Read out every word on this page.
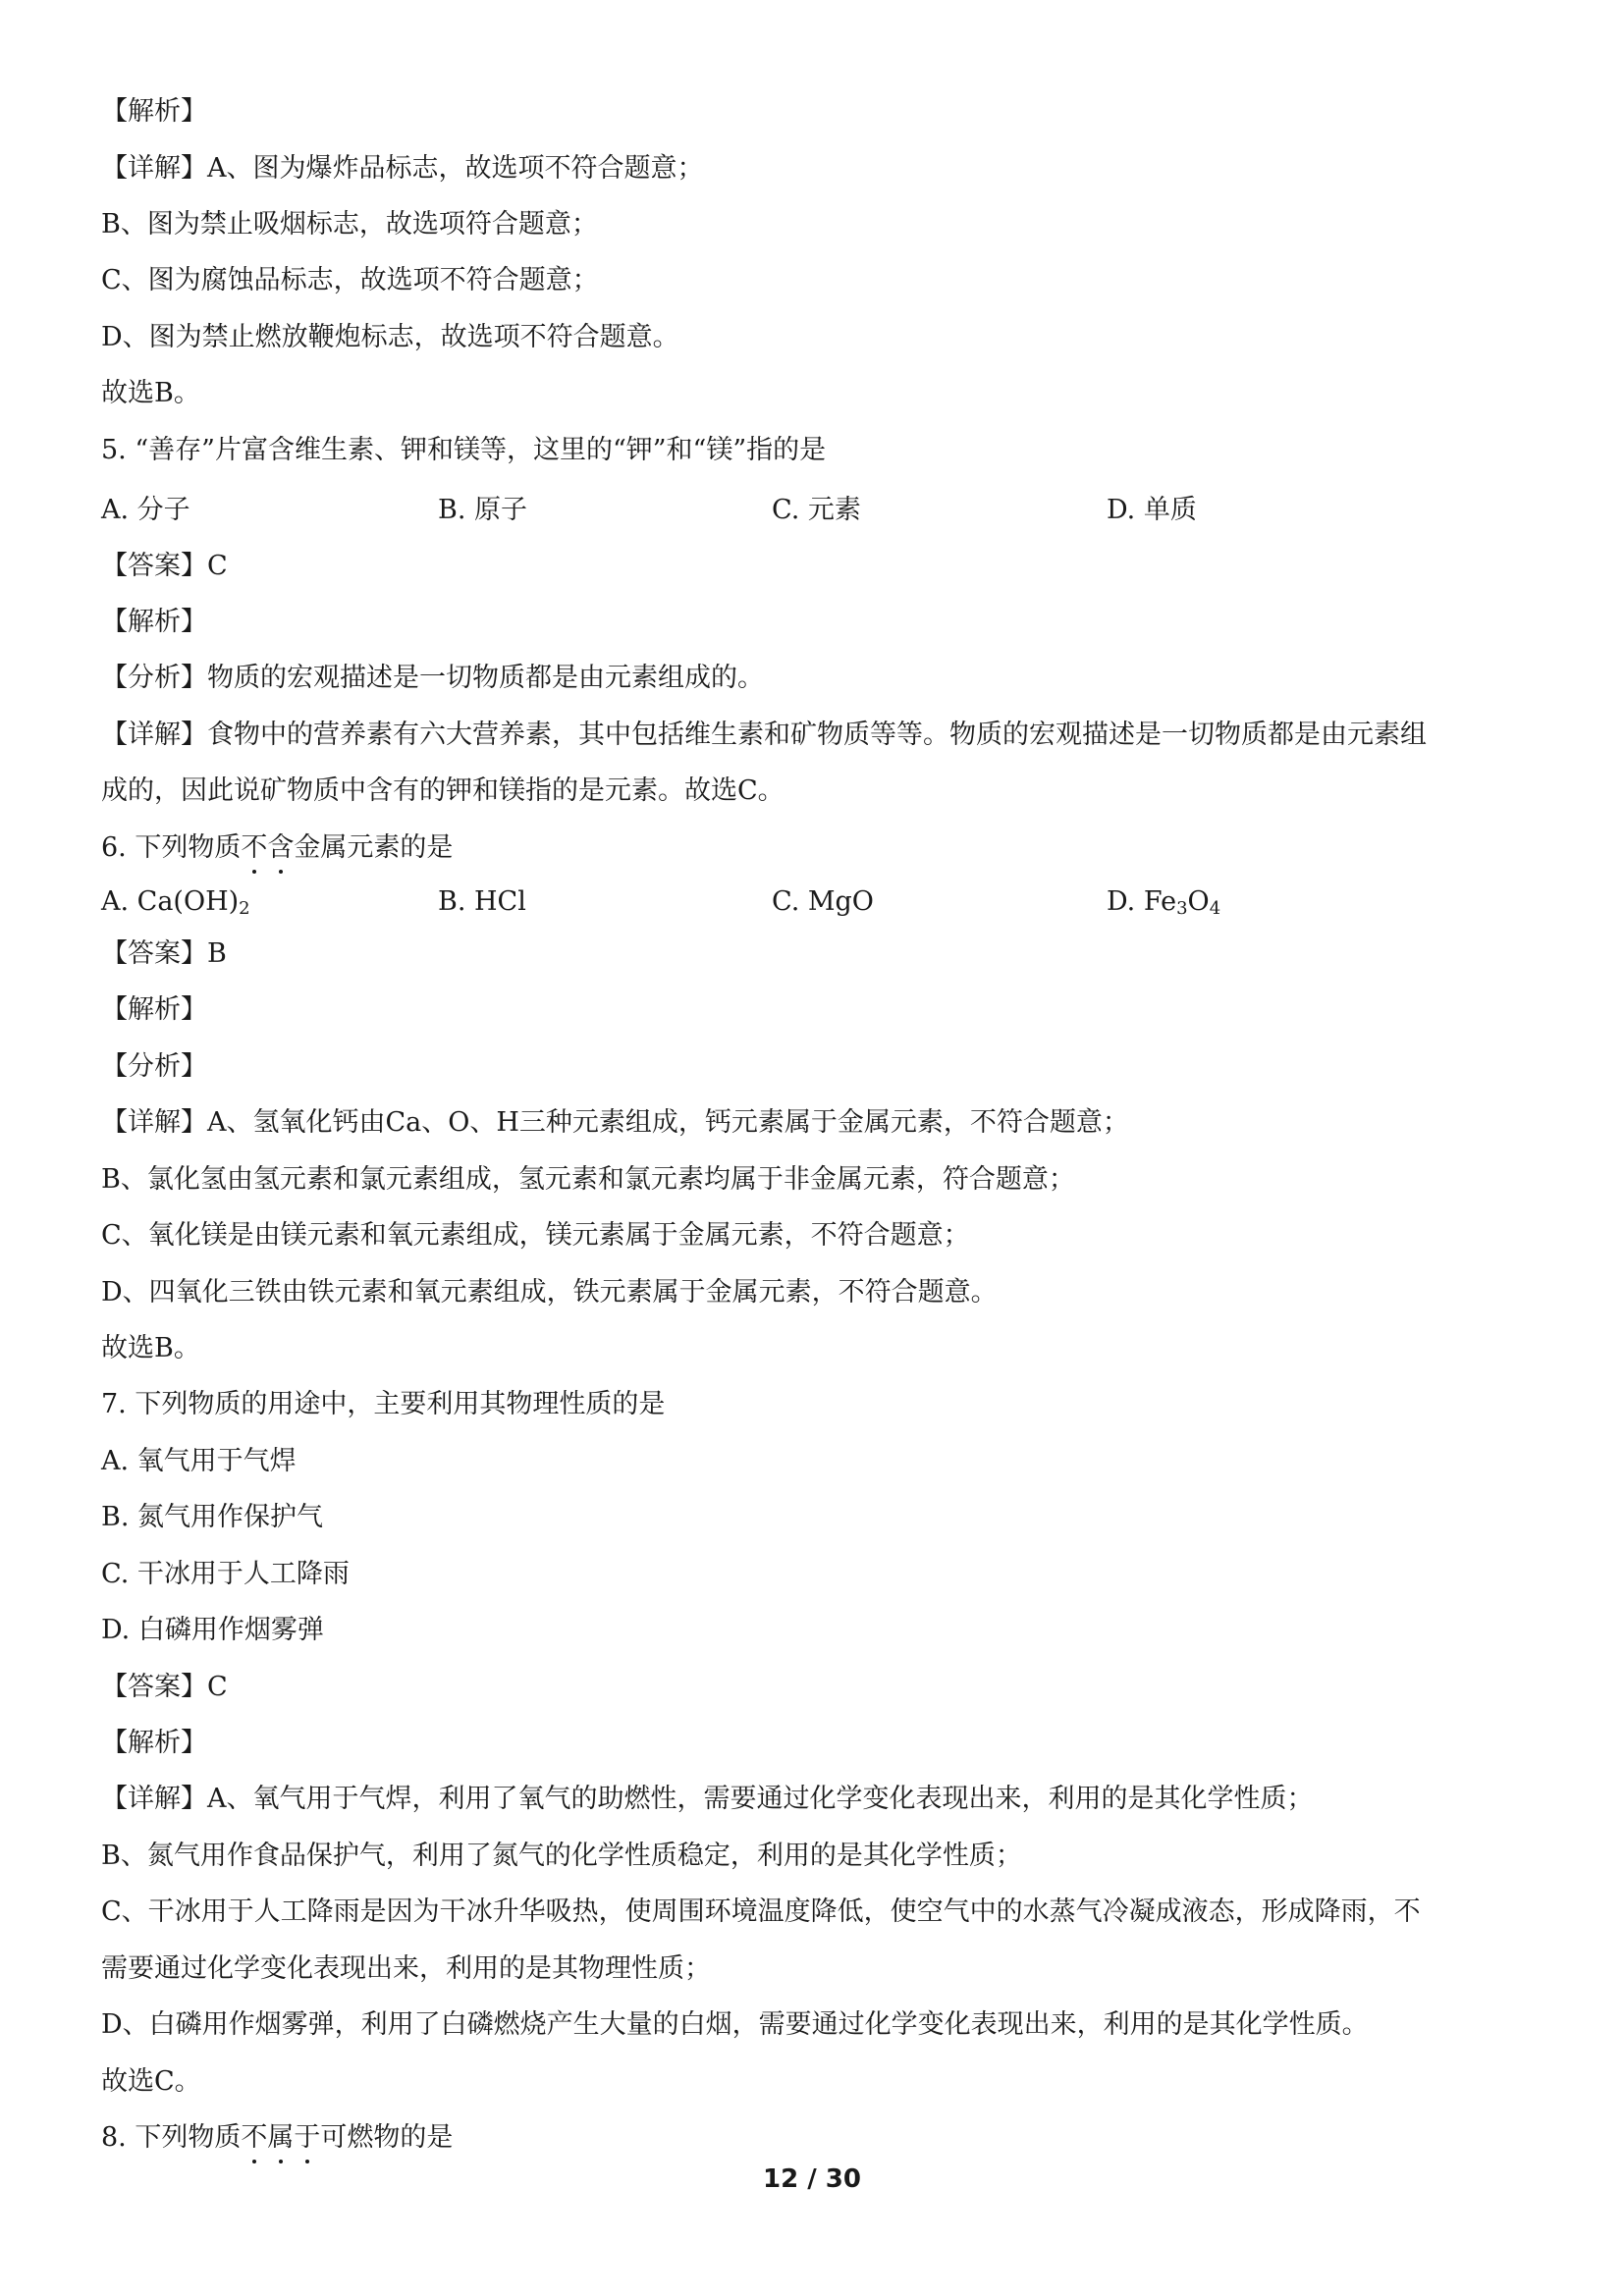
【解析】
【详解】A、图为爆炸品标志，故选项不符合题意；
B、图为禁止吸烟标志，故选项符合题意；
C、图为腐蚀品标志，故选项不符合题意；
D、图为禁止燃放鞭炮标志，故选项不符合题意。
故选B。
5. “善存”片富含维生素、钾和镁等，这里的“钾”和“镁”指的是
A. 分子	B. 原子	C. 元素	D. 单质
【答案】C
【解析】
【分析】物质的宏观描述是一切物质都是由元素组成的。
【详解】食物中的营养素有六大营养素，其中包括维生素和矿物质等等。物质的宏观描述是一切物质都是由元素组
成的，因此说矿物质中含有的钾和镁指的是元素。故选C。
6. 下列物质不含金属元素的是
A. $Ca(OH)_2$	B. HCl	C. MgO	D. $Fe_3O_4$
【答案】B
【解析】
【分析】
【详解】A、氢氧化钙由Ca、O、H三种元素组成，钙元素属于金属元素，不符合题意；
B、氯化氢由氢元素和氯元素组成，氢元素和氯元素均属于非金属元素，符合题意；
C、氧化镁是由镁元素和氧元素组成，镁元素属于金属元素，不符合题意；
D、四氧化三铁由铁元素和氧元素组成，铁元素属于金属元素，不符合题意。
故选B。
7. 下列物质的用途中，主要利用其物理性质的是
A. 氧气用于气焊
B. 氮气用作保护气
C. 干冰用于人工降雨
D. 白磷用作烟雾弹
【答案】C
【解析】
【详解】A、氧气用于气焊，利用了氧气的助燃性，需要通过化学变化表现出来，利用的是其化学性质；
B、氮气用作食品保护气，利用了氮气的化学性质稳定，利用的是其化学性质；
C、干冰用于人工降雨是因为干冰升华吸热，使周围环境温度降低，使空气中的水蒸气冷凝成液态，形成降雨，不
需要通过化学变化表现出来，利用的是其物理性质；
D、白磷用作烟雾弹，利用了白磷燃烧产生大量的白烟，需要通过化学变化表现出来，利用的是其化学性质。
故选C。
8. 下列物质不属于可燃物的是
12 / 30
